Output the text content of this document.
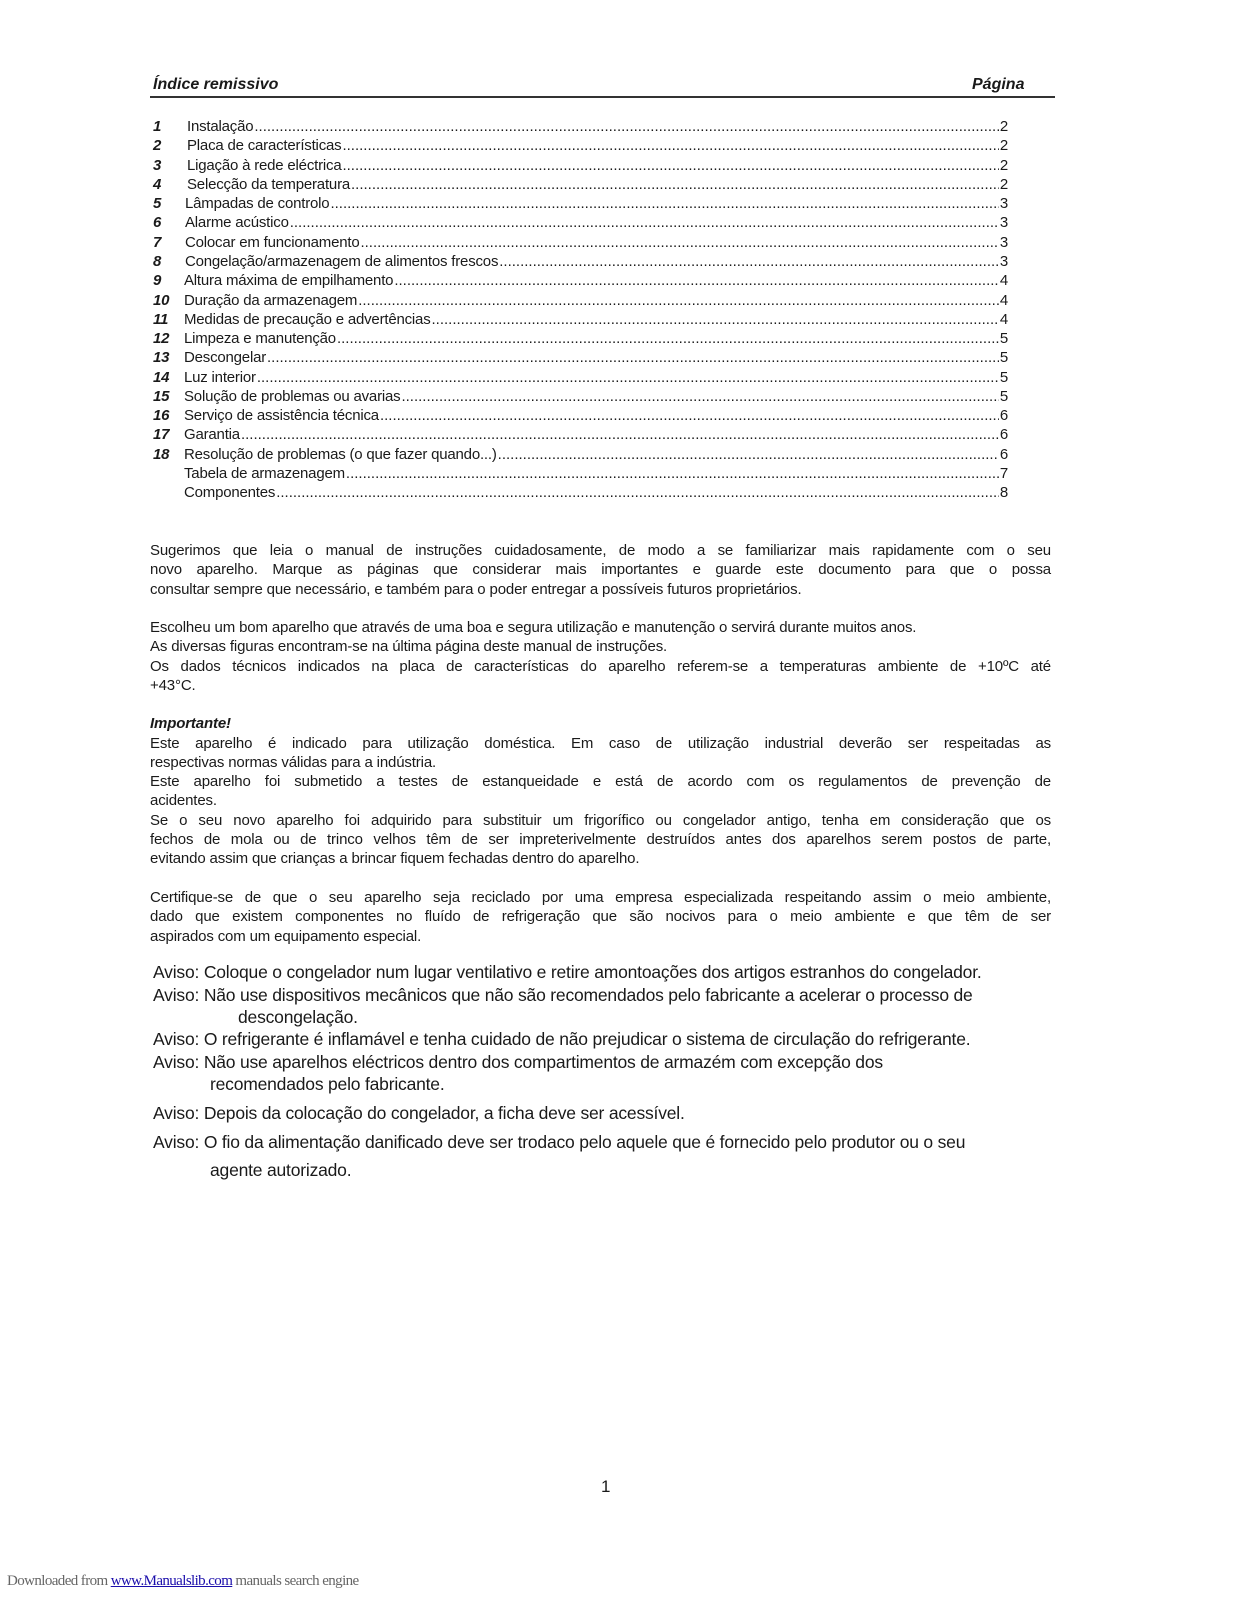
Índice remissivo	Página
1	Instalação .....	2
2	Placa de características .....	2
3	Ligação à rede eléctrica .....	2
4	Selecção da temperatura .....	2
5	Lâmpadas de controlo .....	3
6	Alarme acústico .....	3
7	Colocar em funcionamento .....	3
8	Congelação/armazenagem de alimentos frescos .....	3
9	Altura máxima de empilhamento .....	4
10 Duração da armazenagem .....	4
11	Medidas de precaução e advertências .....	4
12 Limpeza e manutenção .....	5
13 Descongelar .....	5
14 Luz interior .....	5
15 Solução de problemas ou avarias .....	5
16 Serviço de assistência técnica .....	6
17 Garantia .....	6
18 Resolução de problemas (o que fazer quando...) .....	6
Tabela de armazenagem .....	7
Componentes .....	8
Sugerimos que leia o manual de instruções cuidadosamente, de modo a se familiarizar mais rapidamente com o seu
novo aparelho. Marque as páginas que considerar mais importantes e guarde este documento para que o possa
consultar sempre que necessário, e também para o poder entregar a possíveis futuros proprietários.
Escolheu um bom aparelho que através de uma boa e segura utilização e manutenção o servirá durante muitos anos.
As diversas figuras encontram-se na última página deste manual de instruções.
Os dados técnicos indicados na placa de características do aparelho referem-se a temperaturas ambiente de +10ºC até
+43°C.
Importante!
Este aparelho é indicado para utilização doméstica. Em caso de utilização industrial deverão ser respeitadas as
respectivas normas válidas para a indústria.
Este aparelho foi submetido a testes de estanqueidade e está de acordo com os regulamentos de prevenção de
acidentes.
Se o seu novo aparelho foi adquirido para substituir um frigorífico ou congelador antigo, tenha em consideração que os
fechos de mola ou de trinco velhos têm de ser impreterivelmente destruídos antes dos aparelhos serem postos de parte,
evitando assim que crianças a brincar fiquem fechadas dentro do aparelho.
Certifique-se de que o seu aparelho seja reciclado por uma empresa especializada respeitando assim o meio ambiente,
dado que existem componentes no fluído de refrigeração que são nocivos para o meio ambiente e que têm de ser
aspirados com um equipamento especial.
Aviso: Coloque o congelador num lugar ventilativo e retire amontoações dos artigos estranhos do congelador.
Aviso: Não use dispositivos mecânicos que não são recomendados pelo fabricante a acelerar o processo de
descongelação.
Aviso: O refrigerante é inflamável e tenha cuidado de não prejudicar o sistema de circulação do refrigerante.
Aviso: Não use aparelhos eléctricos dentro dos compartimentos de armazém com excepção dos
recomendados pelo fabricante.
Aviso: Depois da colocação do congelador, a ficha deve ser acessível.
Aviso: O fio da alimentação danificado deve ser trodaco pelo aquele que é fornecido pelo produtor ou o seu
agente autorizado.
1
Downloaded from www.Manualslib.com manuals search engine
